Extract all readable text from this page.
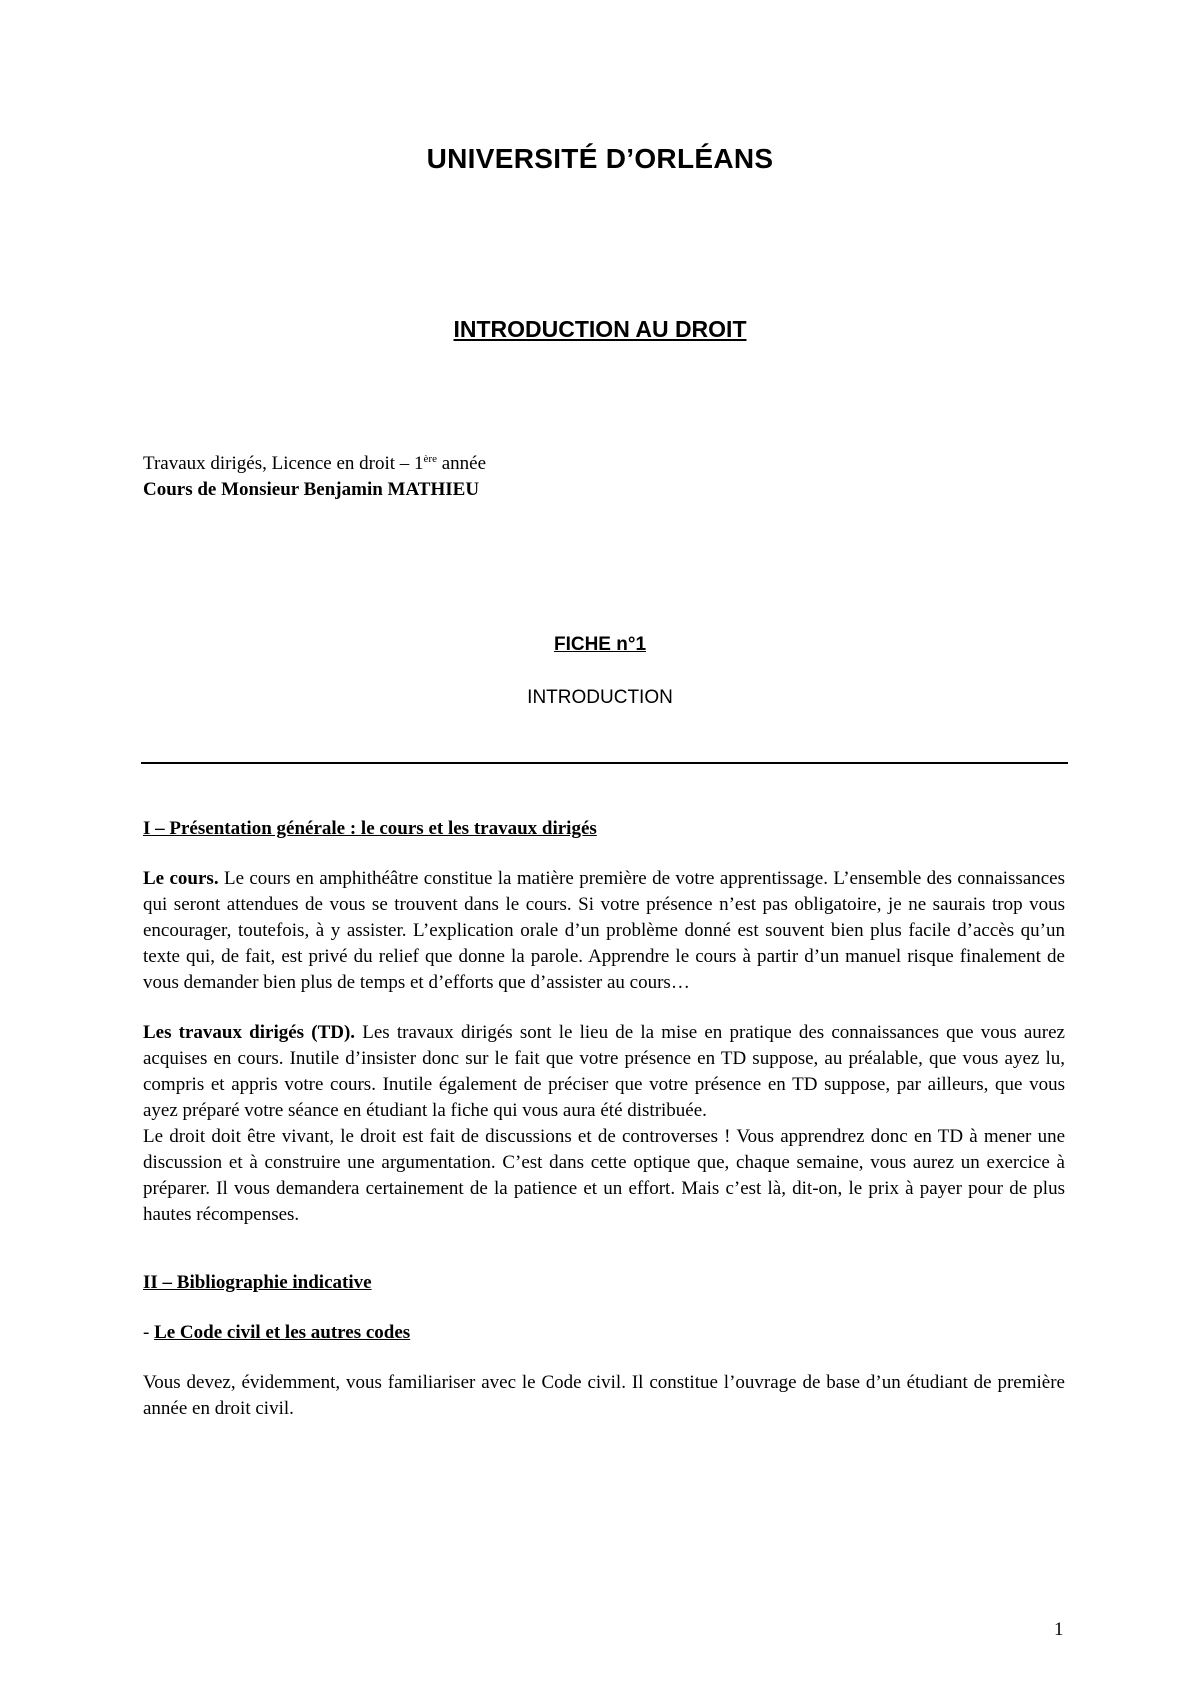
UNIVERSITÉ D’ORLÉANS
INTRODUCTION AU DROIT
Travaux dirigés, Licence en droit – 1ère année
Cours de Monsieur Benjamin MATHIEU
FICHE n°1
INTRODUCTION

I – Présentation générale : le cours et les travaux dirigés

Le cours. Le cours en amphithéâtre constitue la matière première de votre apprentissage. L’ensemble des connaissances qui seront attendues de vous se trouvent dans le cours. Si votre présence n’est pas obligatoire, je ne saurais trop vous encourager, toutefois, à y assister. L’explication orale d’un problème donné est souvent bien plus facile d’accès qu’un texte qui, de fait, est privé du relief que donne la parole. Apprendre le cours à partir d’un manuel risque finalement de vous demander bien plus de temps et d’efforts que d’assister au cours…

Les travaux dirigés (TD). Les travaux dirigés sont le lieu de la mise en pratique des connaissances que vous aurez acquises en cours. Inutile d’insister donc sur le fait que votre présence en TD suppose, au préalable, que vous ayez lu, compris et appris votre cours. Inutile également de préciser que votre présence en TD suppose, par ailleurs, que vous ayez préparé votre séance en étudiant la fiche qui vous aura été distribuée.

Le droit doit être vivant, le droit est fait de discussions et de controverses ! Vous apprendrez donc en TD à mener une discussion et à construire une argumentation. C’est dans cette optique que, chaque semaine, vous aurez un exercice à préparer. Il vous demandera certainement de la patience et un effort. Mais c’est là, dit-on, le prix à payer pour de plus hautes récompenses.

II – Bibliographie indicative

- Le Code civil et les autres codes

Vous devez, évidemment, vous familiariser avec le Code civil. Il constitue l’ouvrage de base d’un étudiant de première année en droit civil.

1
